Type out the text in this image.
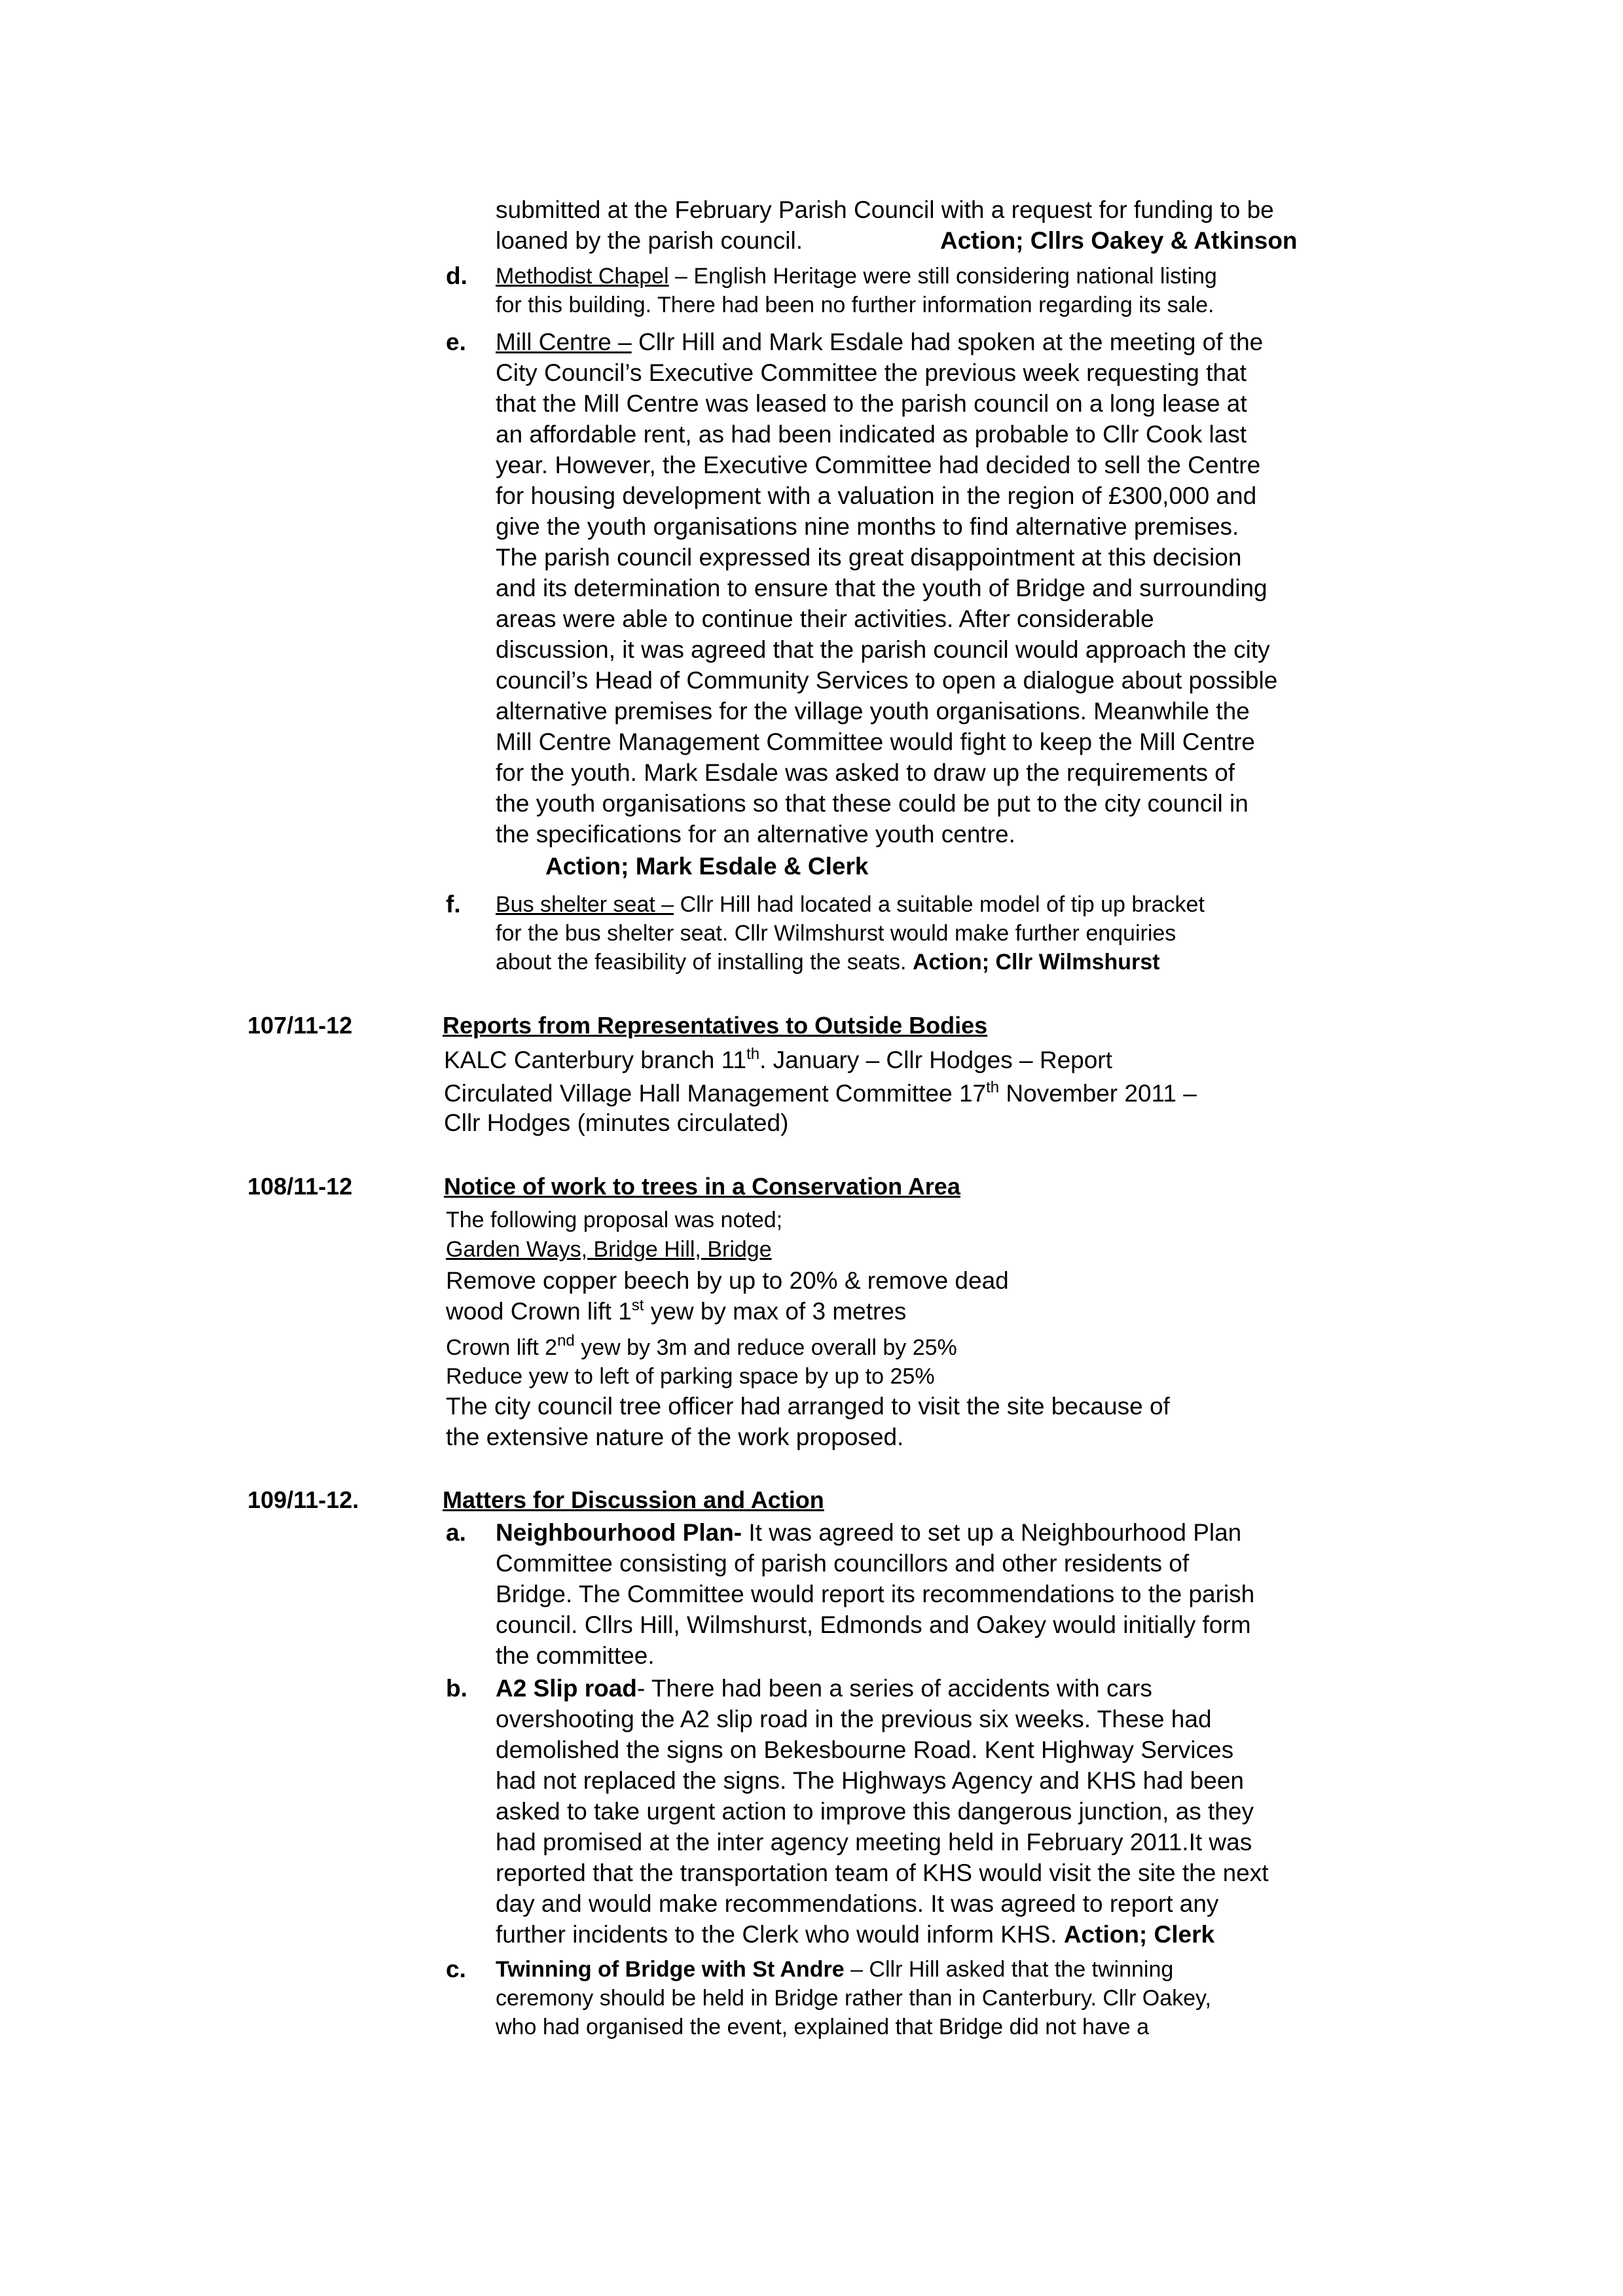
submitted at the February Parish Council with a request for funding to be
loaned by the parish council.	Action; Cllrs Oakey & Atkinson
d. Methodist Chapel – English Heritage were still considering national listing
for this building. There had been no further information regarding its sale.
e. Mill Centre – Cllr Hill and Mark Esdale had spoken at the meeting of the
City Council’s Executive Committee the previous week requesting that
that the Mill Centre was leased to the parish council on a long lease at
an affordable rent, as had been indicated as probable to Cllr Cook last
year. However, the Executive Committee had decided to sell the Centre
for housing development with a valuation in the region of £300,000 and
give the youth organisations nine months to find alternative premises.
The parish council expressed its great disappointment at this decision
and its determination to ensure that the youth of Bridge and surrounding
areas were able to continue their activities. After considerable
discussion, it was agreed that the parish council would approach the city
council’s Head of Community Services to open a dialogue about possible
alternative premises for the village youth organisations. Meanwhile the
Mill Centre Management Committee would fight to keep the Mill Centre
for the youth. Mark Esdale was asked to draw up the requirements of
the youth organisations so that these could be put to the city council in
the specifications for an alternative youth centre.
Action; Mark Esdale & Clerk
f. Bus shelter seat – Cllr Hill had located a suitable model of tip up bracket
for the bus shelter seat. Cllr Wilmshurst would make further enquiries
about the feasibility of installing the seats. Action; Cllr Wilmshurst
107/11-12	Reports from Representatives to Outside Bodies
KALC Canterbury branch 11th. January – Cllr Hodges – Report
Circulated Village Hall Management Committee 17th November 2011 –
Cllr Hodges (minutes circulated)
108/11-12	Notice of work to trees in a Conservation Area
The following proposal was noted;
Garden Ways, Bridge Hill, Bridge
Remove copper beech by up to 20% & remove dead
wood Crown lift 1st yew by max of 3 metres
Crown lift 2nd yew by 3m and reduce overall by 25%
Reduce yew to left of parking space by up to 25%
The city council tree officer had arranged to visit the site because of
the extensive nature of the work proposed.
109/11-12.	Matters for Discussion and Action
a. Neighbourhood Plan- It was agreed to set up a Neighbourhood Plan
Committee consisting of parish councillors and other residents of
Bridge. The Committee would report its recommendations to the parish
council. Cllrs Hill, Wilmshurst, Edmonds and Oakey would initially form
the committee.
b. A2 Slip road- There had been a series of accidents with cars
overshooting the A2 slip road in the previous six weeks. These had
demolished the signs on Bekesbourne Road. Kent Highway Services
had not replaced the signs. The Highways Agency and KHS had been
asked to take urgent action to improve this dangerous junction, as they
had promised at the inter agency meeting held in February 2011.It was
reported that the transportation team of KHS would visit the site the next
day and would make recommendations. It was agreed to report any
further incidents to the Clerk who would inform KHS. Action; Clerk
c. Twinning of Bridge with St Andre – Cllr Hill asked that the twinning
ceremony should be held in Bridge rather than in Canterbury. Cllr Oakey,
who had organised the event, explained that Bridge did not have a
